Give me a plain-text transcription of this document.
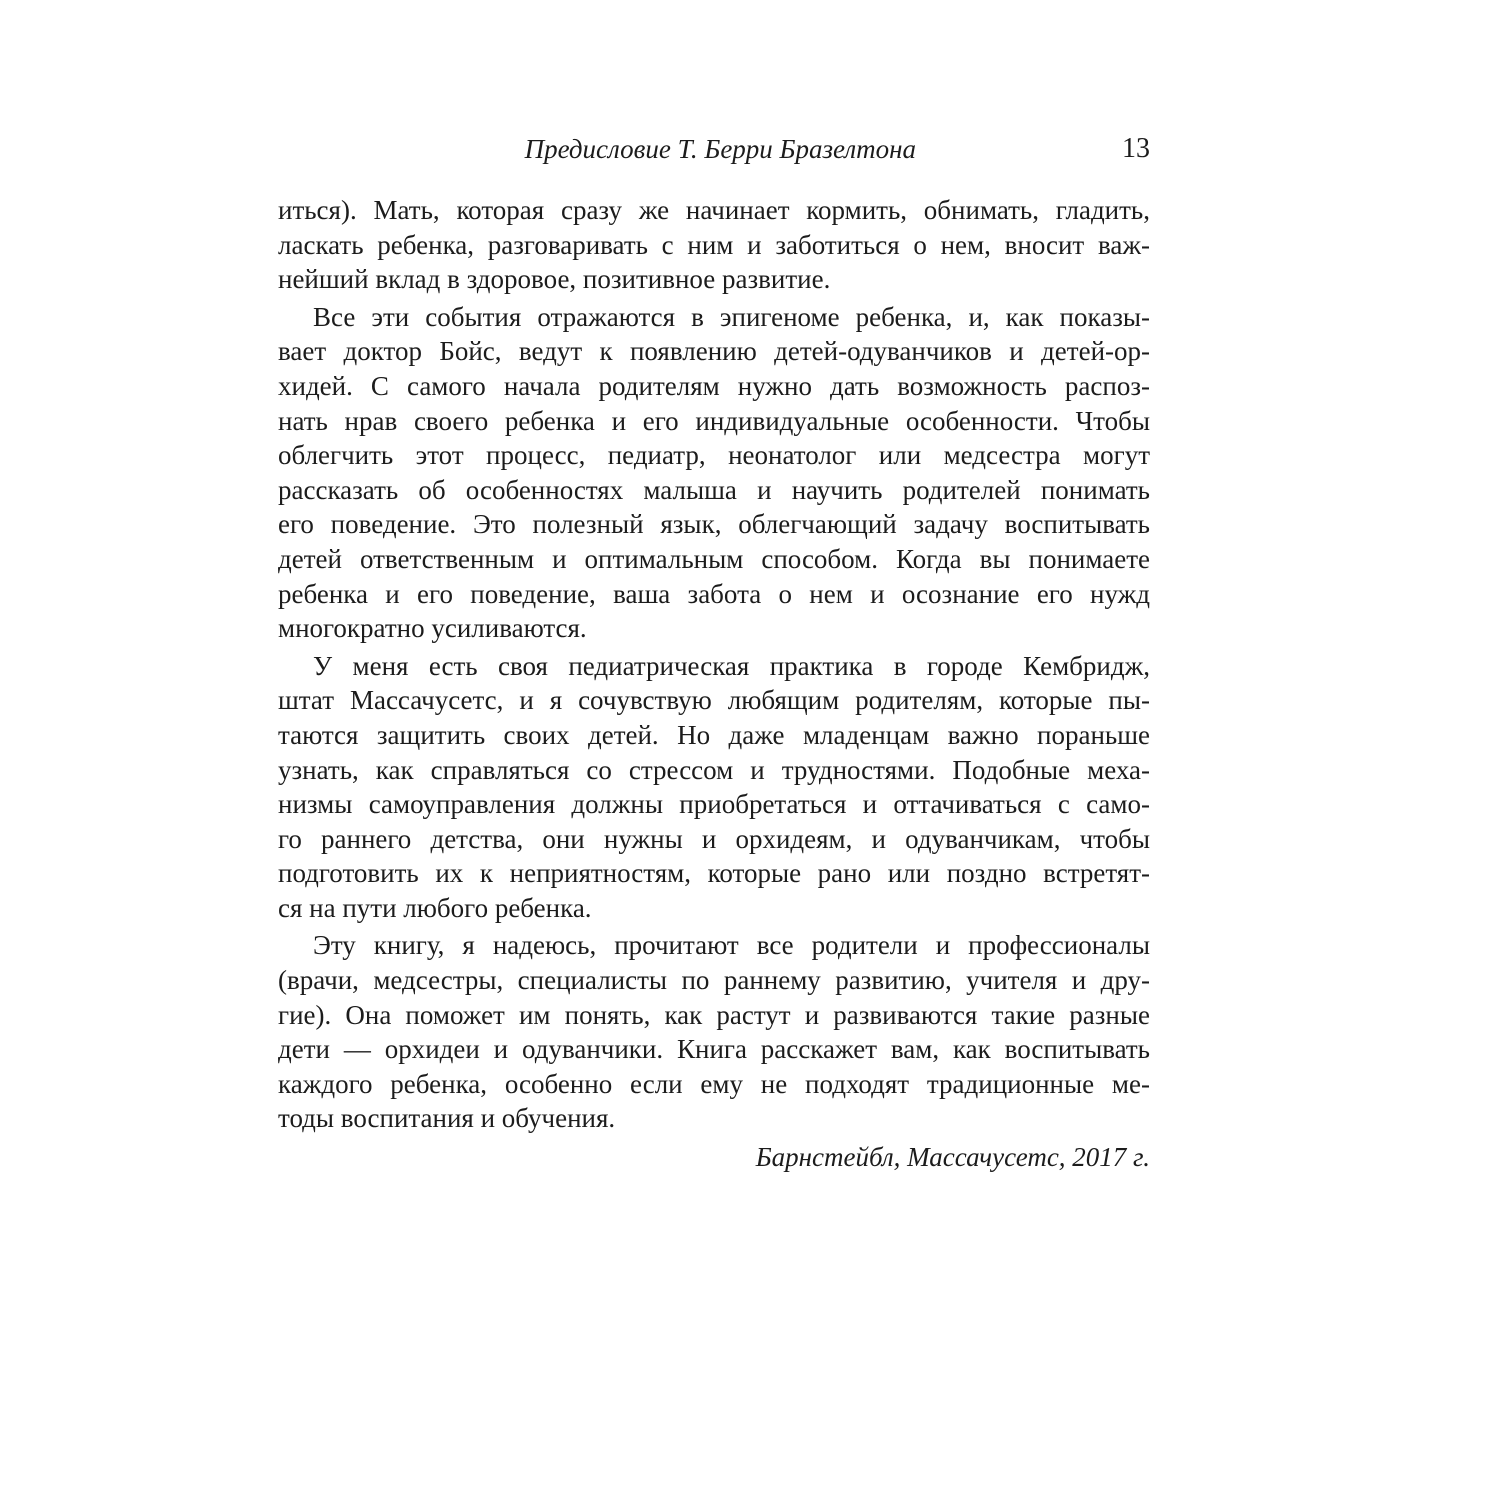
Предисловие Т. Берри Бразелтона	13
иться). Мать, которая сразу же начинает кормить, обнимать, гладить,
ласкать ребенка, разговаривать с ним и заботиться о нем, вносит важ-
нейший вклад в здоровое, позитивное развитие.
Все эти события отражаются в эпигеноме ребенка, и, как показы-
вает доктор Бойс, ведут к появлению детей-одуванчиков и детей-ор-
хидей. С самого начала родителям нужно дать возможность распоз-
нать нрав своего ребенка и его индивидуальные особенности. Чтобы
облегчить этот процесс, педиатр, неонатолог или медсестра могут
рассказать об особенностях малыша и научить родителей понимать
его поведение. Это полезный язык, облегчающий задачу воспитывать
детей ответственным и оптимальным способом. Когда вы понимаете
ребенка и его поведение, ваша забота о нем и осознание его нужд
многократно усиливаются.
У меня есть своя педиатрическая практика в городе Кембридж,
штат Массачусетс, и я сочувствую любящим родителям, которые пы-
таются защитить своих детей. Но даже младенцам важно пораньше
узнать, как справляться со стрессом и трудностями. Подобные меха-
низмы самоуправления должны приобретаться и оттачиваться с само-
го раннего детства, они нужны и орхидеям, и одуванчикам, чтобы
подготовить их к неприятностям, которые рано или поздно встретят-
ся на пути любого ребенка.
Эту книгу, я надеюсь, прочитают все родители и профессионалы
(врачи, медсестры, специалисты по раннему развитию, учителя и дру-
гие). Она поможет им понять, как растут и развиваются такие разные
дети — орхидеи и одуванчики. Книга расскажет вам, как воспитывать
каждого ребенка, особенно если ему не подходят традиционные ме-
тоды воспитания и обучения.
Барнстейбл, Массачусетс, 2017 г.
